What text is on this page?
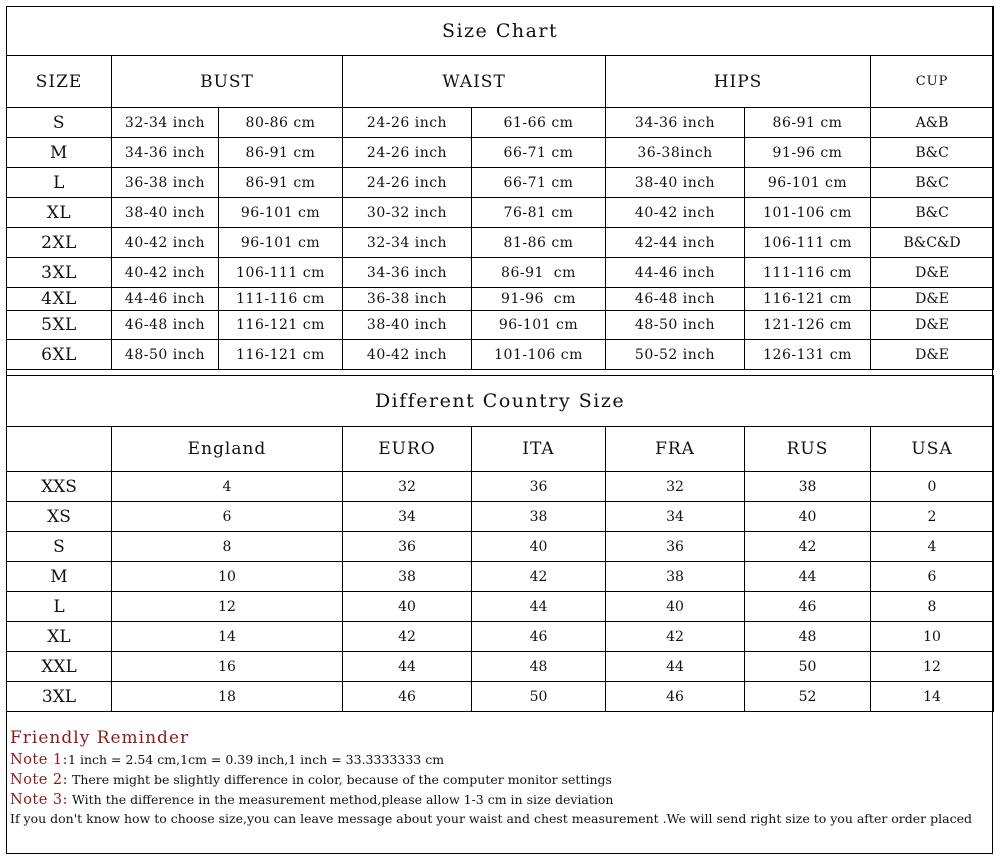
Size Chart							
SIZE	BUST		WAIST		HIPS		CUP
S	32-34 inch	80-86 cm	24-26 inch	61-66 cm	34-36 inch	86-91 cm	A&B
M	34-36 inch	86-91 cm	24-26 inch	66-71 cm	36-38inch	91-96 cm	B&C
L	36-38 inch	86-91 cm	24-26 inch	66-71 cm	38-40 inch	96-101 cm	B&C
XL	38-40 inch	96-101 cm	30-32 inch	76-81 cm	40-42 inch	101-106 cm	B&C
2XL	40-42 inch	96-101 cm	32-34 inch	81-86 cm	42-44 inch	106-111 cm	B&C&D
3XL	40-42 inch	106-111 cm	34-36 inch	86-91  cm	44-46 inch	111-116 cm	D&E
4XL	44-46 inch	111-116 cm	36-38 inch	91-96  cm	46-48 inch	116-121 cm	D&E
5XL	46-48 inch	116-121 cm	38-40 inch	96-101 cm	48-50 inch	121-126 cm	D&E
6XL	48-50 inch	116-121 cm	40-42 inch	101-106 cm	50-52 inch	126-131 cm	D&E
Different Country Size						
	England	EURO	ITA	FRA	RUS	USA
XXS	4	32	36	32	38	0
XS	6	34	38	34	40	2
S	8	36	40	36	42	4
M	10	38	42	38	44	6
L	12	40	44	40	46	8
XL	14	42	46	42	48	10
XXL	16	44	48	44	50	12
3XL	18	46	50	46	52	14
Friendly Reminder
Note 1:1 inch = 2.54 cm,1cm = 0.39 inch,1 inch = 33.3333333 cm
Note 2: There might be slightly difference in color, because of the computer monitor settings
Note 3: With the difference in the measurement method,please allow 1-3 cm in size deviation
If you don't know how to choose size,you can leave message about your waist and chest measurement .We will send right size to you after order placed
